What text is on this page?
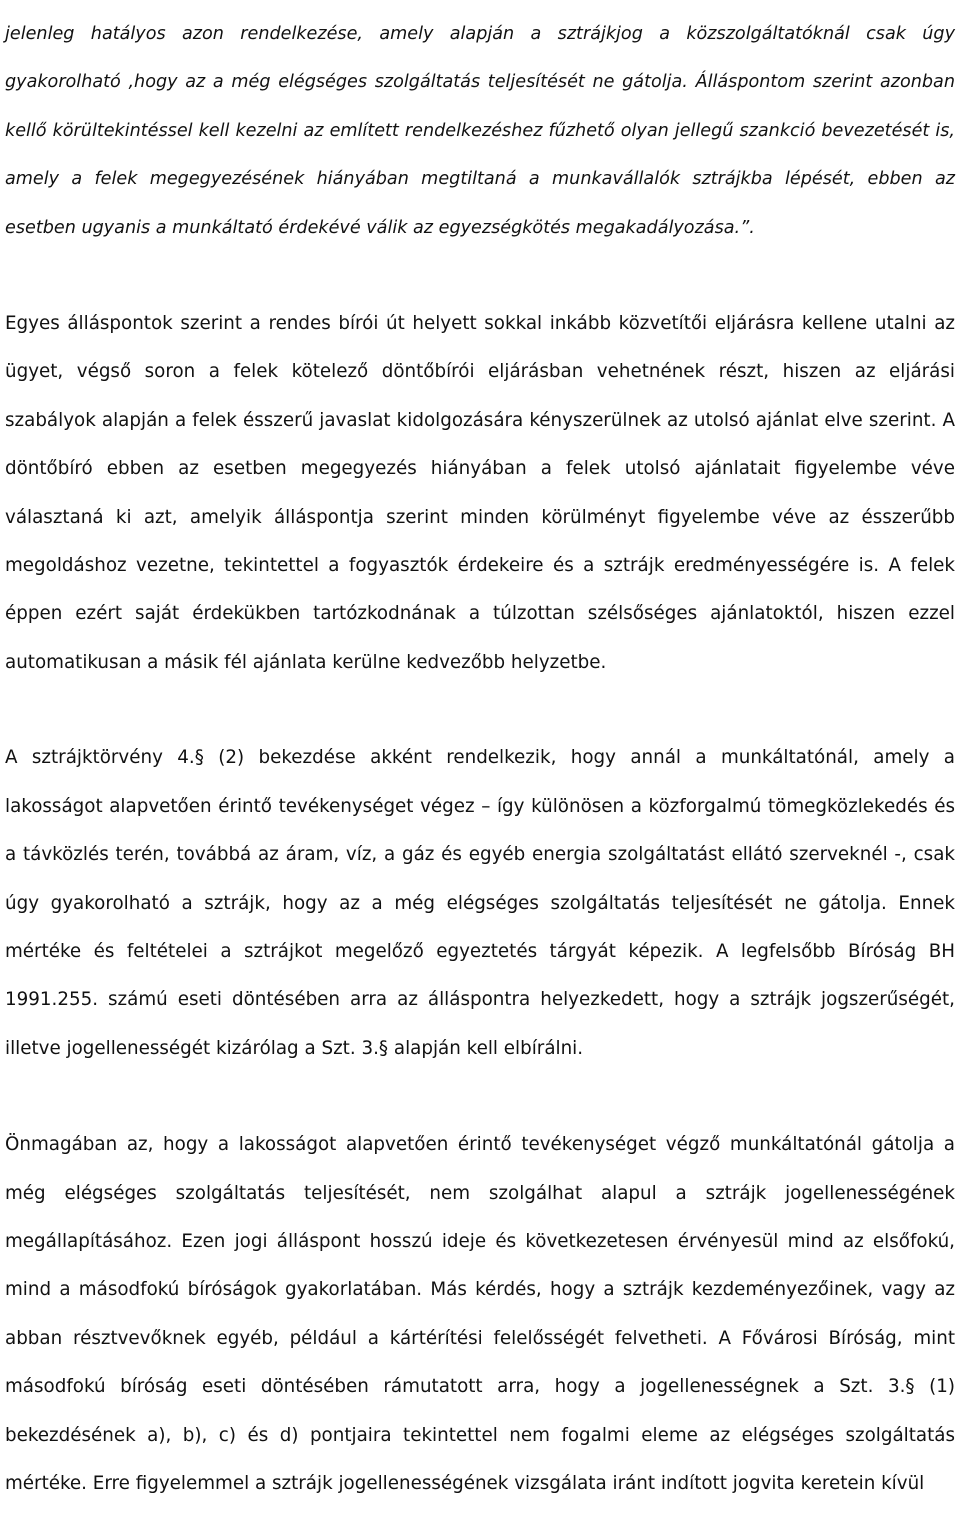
jelenleg hatályos azon rendelkezése, amely alapján a sztrájkjog a közszolgáltatóknál csak úgy gyakorolható ,hogy az a még elégséges szolgáltatás teljesítését ne gátolja. Álláspontom szerint azonban kellő körültekintéssel kell kezelni az említett rendelkezéshez fűzhető olyan jellegű szankció bevezetését is, amely a felek megegyezésének hiányában megtiltaná a munkavállalók sztrájkba lépését, ebben az esetben ugyanis a munkáltató érdekévé válik az egyezségkötés megakadályozása.”.

Egyes álláspontok szerint a rendes bírói út helyett sokkal inkább közvetítői eljárásra kellene utalni az ügyet, végső soron a felek kötelező döntőbírói eljárásban vehetnének részt, hiszen az eljárási szabályok alapján a felek ésszerű javaslat kidolgozására kényszerülnek az utolsó ajánlat elve szerint. A döntőbíró ebben az esetben megegyezés hiányában a felek utolsó ajánlatait figyelembe véve választaná ki azt, amelyik álláspontja szerint minden körülményt figyelembe véve az ésszerűbb megoldáshoz vezetne, tekintettel a fogyasztók érdekeire és a sztrájk eredményességére is. A felek éppen ezért saját érdekükben tartózkodnának a túlzottan szélsőséges ajánlatoktól, hiszen ezzel automatikusan a másik fél ajánlata kerülne kedvezőbb helyzetbe.

A sztrájktörvény 4.§ (2) bekezdése akként rendelkezik, hogy annál a munkáltatónál, amely a lakosságot alapvetően érintő tevékenységet végez – így különösen a közforgalmú tömegközlekedés és a távközlés terén, továbbá az áram, víz, a gáz és egyéb energia szolgáltatást ellátó szerveknél -, csak úgy gyakorolható a sztrájk, hogy az a még elégséges szolgáltatás teljesítését ne gátolja. Ennek mértéke és feltételei a sztrájkot megelőző egyeztetés tárgyát képezik. A legfelsőbb Bíróság BH 1991.255. számú eseti döntésében arra az álláspontra helyezkedett, hogy a sztrájk jogszerűségét, illetve jogellenességét kizárólag a Szt. 3.§ alapján kell elbírálni.

Önmagában az, hogy a lakosságot alapvetően érintő tevékenységet végző munkáltatónál gátolja a még elégséges szolgáltatás teljesítését, nem szolgálhat alapul a sztrájk jogellenességének megállapításához. Ezen jogi álláspont hosszú ideje és következetesen érvényesül mind az elsőfokú, mind a másodfokú bíróságok gyakorlatában. Más kérdés, hogy a sztrájk kezdeményezőinek, vagy az abban résztvevőknek egyéb, például a kártérítési felelősségét felvetheti. A Fővárosi Bíróság, mint másodfokú bíróság eseti döntésében rámutatott arra, hogy a jogellenességnek a Szt. 3.§ (1) bekezdésének a), b), c) és d) pontjaira tekintettel nem fogalmi eleme az elégséges szolgáltatás mértéke. Erre figyelemmel a sztrájk jogellenességének vizsgálata iránt indított jogvita keretein kívül
